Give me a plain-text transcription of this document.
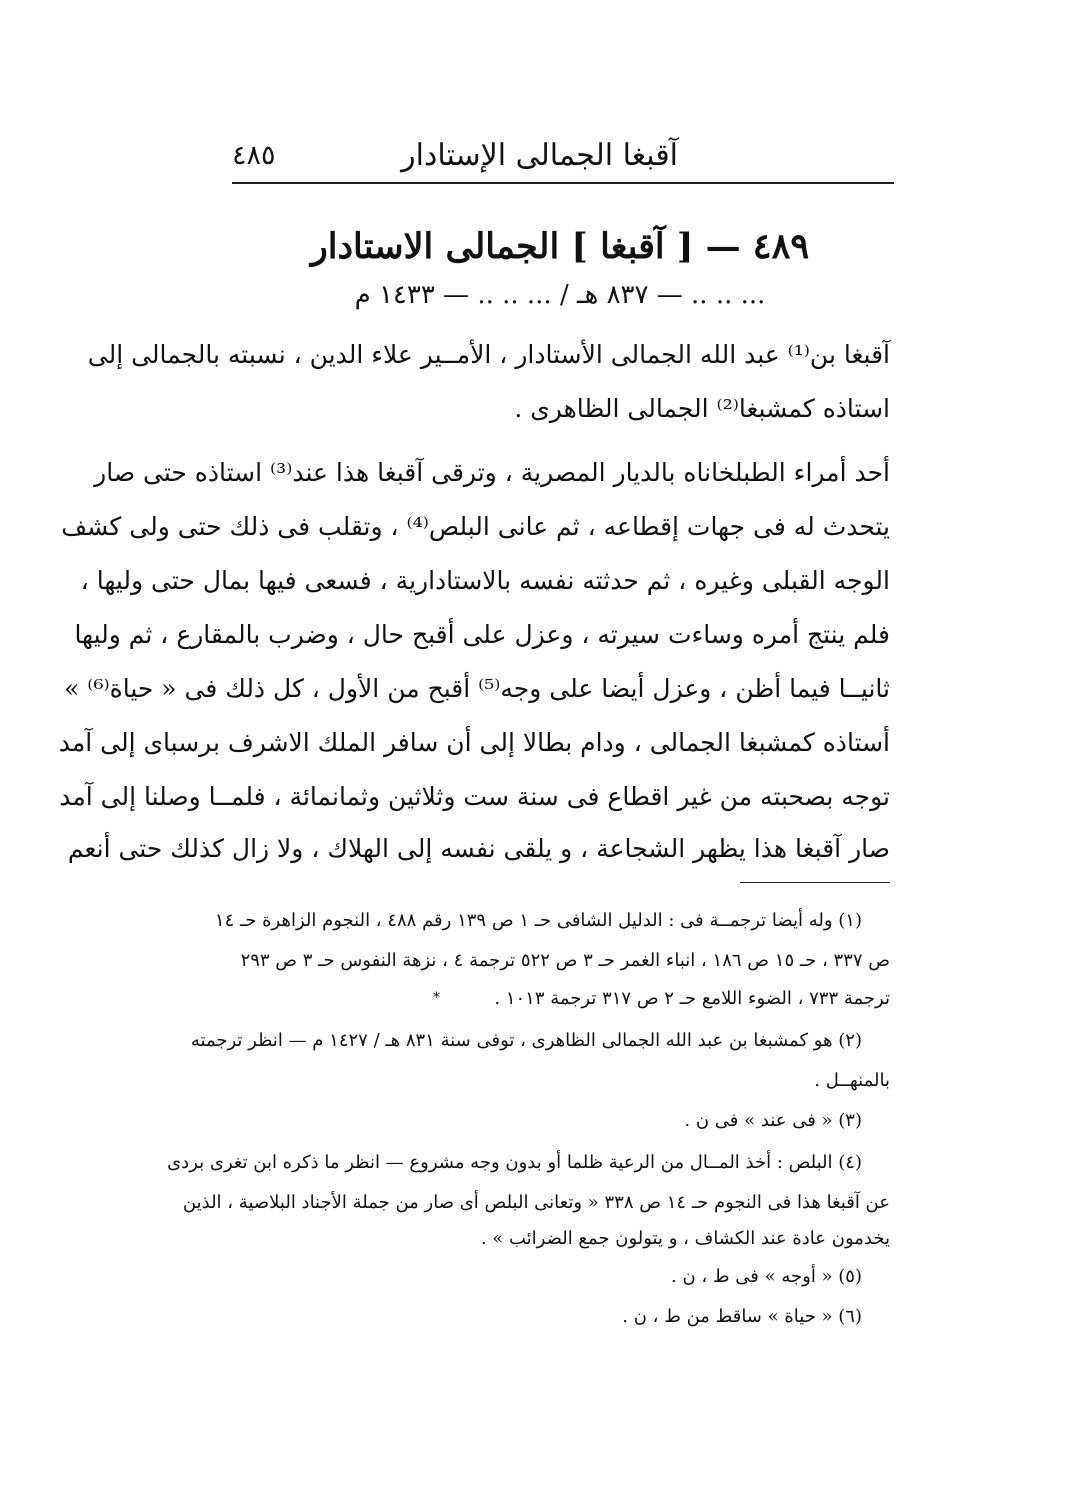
آقبغا الجمالى الإستادار
٤٨٥
٤٨٩ — [ آقبغا ] الجمالى الاستادار
... .. .. — ٨٣٧ هـ / ... .. .. — ١٤٣٣ م
آقبغا بن⁽¹⁾ عبد الله الجمالى الأستادار ، الأمــير علاء الدين ، نسبته بالجمالى إلى
استاذه كمشبغا⁽²⁾ الجمالى الظاهرى .
أحد أمراء الطبلخاناه بالديار المصرية ، وترقى آقبغا هذا عند⁽³⁾ استاذه حتى صار
يتحدث له فى جهات إقطاعه ، ثم عانى البلص⁽⁴⁾ ، وتقلب فى ذلك حتى ولى كشف
الوجه القبلى وغيره ، ثم حدثته نفسه بالاستادارية ، فسعى فيها بمال حتى وليها ،
فلم ينتج أمره وساءت سيرته ، وعزل على أقبح حال ، وضرب بالمقارع ، ثم وليها
ثانيــا فيما أظن ، وعزل أيضا على وجه⁽⁵⁾ أقبح من الأول ، كل ذلك فى « حياة⁽⁶⁾ »
أستاذه كمشبغا الجمالى ، ودام بطالا إلى أن سافر الملك الاشرف برسباى إلى آمد
توجه بصحبته من غير اقطاع فى سنة ست وثلاثين وثمانمائة ، فلمــا وصلنا إلى آمد
صار آقبغا هذا يظهر الشجاعة ، و يلقى نفسه إلى الهلاك ، ولا زال كذلك حتى أنعم
(١) وله أيضا ترجمــة فى : الدليل الشافى حـ ١ ص ١٣٩ رقم ٤٨٨ ، النجوم الزاهرة حـ ١٤
ص ٣٣٧ ، حـ ١٥ ص ١٨٦ ، انباء الغمر حـ ٣ ص ٥٢٢ ترجمة ٤ ، نزهة النفوس حـ ٣ ص ٢٩٣
ترجمة ٧٣٣ ، الضوء اللامع حـ ٢ ص ٣١٧ ترجمة ١٠١٣ .
*
(٢) هو كمشبغا بن عبد الله الجمالى الظاهرى ، توفى سنة ٨٣١ هـ / ١٤٢٧ م — انظر ترجمته
بالمنهــل .
(٣) « فى عند » فى ن .
(٤) البلص : أخذ المــال من الرعية ظلما أو بدون وجه مشروع — انظر ما ذكره ابن تغرى بردى
عن آقبغا هذا فى النجوم حـ ١٤ ص ٣٣٨ « وتعانى البلص أى صار من جملة الأجناد البلاصية ، الذين
يخدمون عادة عند الكشاف ، و يتولون جمع الضرائب » .
(٥) « أوجه » فى ط ، ن .
(٦) « حياة » ساقط من ط ، ن .
